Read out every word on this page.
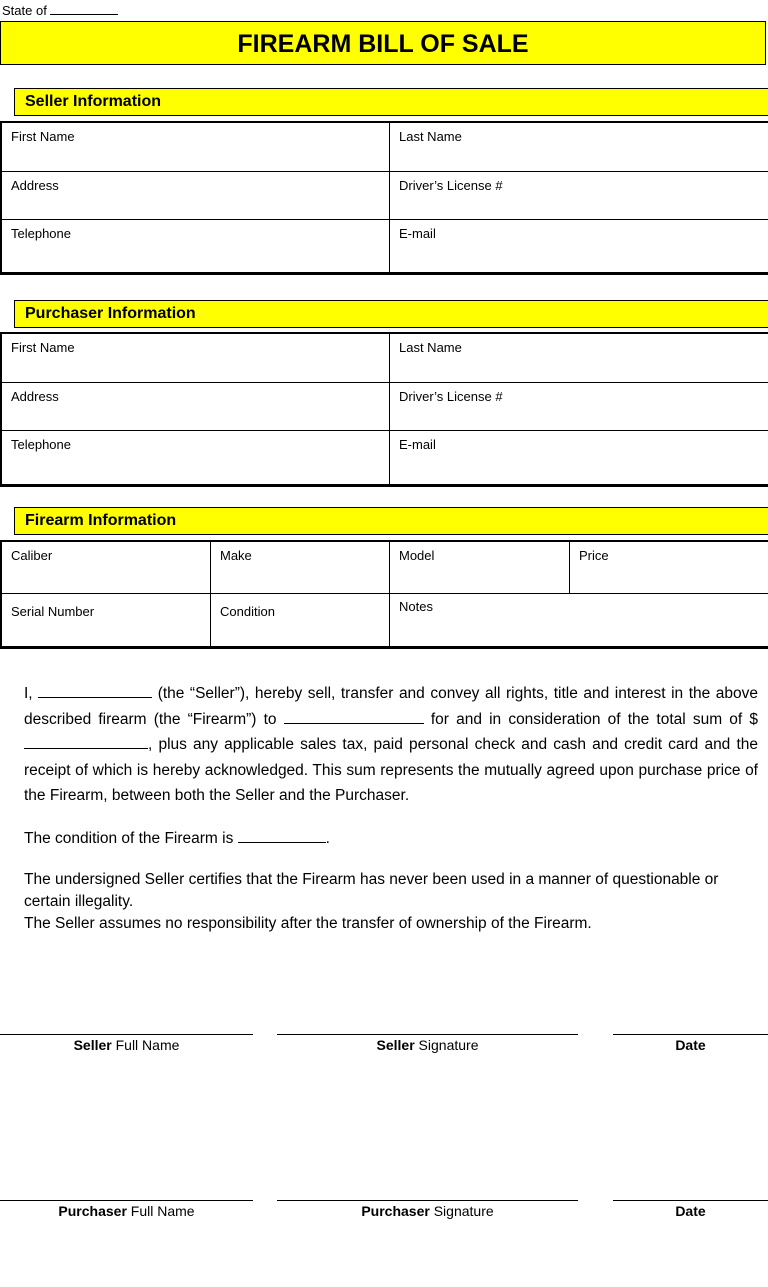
State of
FIREARM BILL OF SALE
Seller Information
First Name	Last Name
Address	Driver’s License #
Telephone	E-mail
Purchaser Information
First Name	Last Name
Address	Driver’s License #
Telephone	E-mail
Firearm Information
Caliber	Make	Model	Price
Serial Number	Condition	Notes
I,	(the “Seller”), hereby sell, transfer and convey all rights, title and interest in the above described firearm (the “Firearm”) to	for and in consideration of the total sum of $ , plus any applicable sales tax, paid personal check and cash and credit card and the receipt of which is hereby acknowledged. This sum represents the mutually agreed upon purchase price of the Firearm, between both the Seller and the Purchaser.
The condition of the Firearm is	.
The undersigned Seller certifies that the Firearm has never been used in a manner of questionable or certain illegality.
The Seller assumes no responsibility after the transfer of ownership of the Firearm.
Seller Full Name	Seller Signature	Date
Purchaser Full Name	Purchaser Signature	Date
